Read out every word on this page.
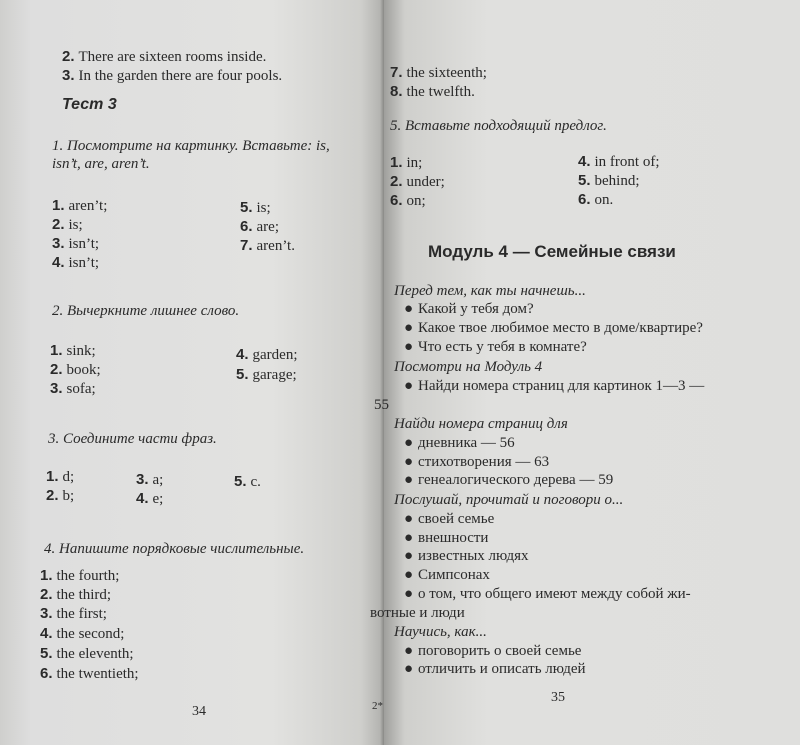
2. There are sixteen rooms inside.
3. In the garden there are four pools.
Тест 3
1. Посмотрите на картинку. Вставьте: is,
isn’t, are, aren’t.
1. aren’t;
2. is;
3. isn’t;
4. isn’t;
5. is;
6. are;
7. aren’t.
2. Вычеркните лишнее слово.
1. sink;
2. book;
3. sofa;
4. garden;
5. garage;
3. Соедините части фраз.
1. d;
2. b;
3. a;
4. e;
5. c.
4. Напишите порядковые числительные.
1. the fourth;
2. the third;
3. the first;
4. the second;
5. the eleventh;
6. the twentieth;
34
7. the sixteenth;
8. the twelfth.
5. Вставьте подходящий предлог.
1. in;
2. under;
6. on;
4. in front of;
5. behind;
6. on.
Модуль 4 — Семейные связи
Перед тем, как ты начнешь...
● Какой у тебя дом?
● Какое твое любимое место в доме/квартире?
● Что есть у тебя в комнате?
Посмотри на Модуль 4
● Найди номера страниц для картинок 1—3 —
55
Найди номера страниц для
● дневника — 56
● стихотворения — 63
● генеалогического дерева — 59
Послушай, прочитай и поговори о...
● своей семье
● внешности
● известных людях
● Симпсонах
● о том, что общего имеют между собой жи-
вотные и люди
Научись, как...
● поговорить о своей семье
● отличить и описать людей
2*
35
